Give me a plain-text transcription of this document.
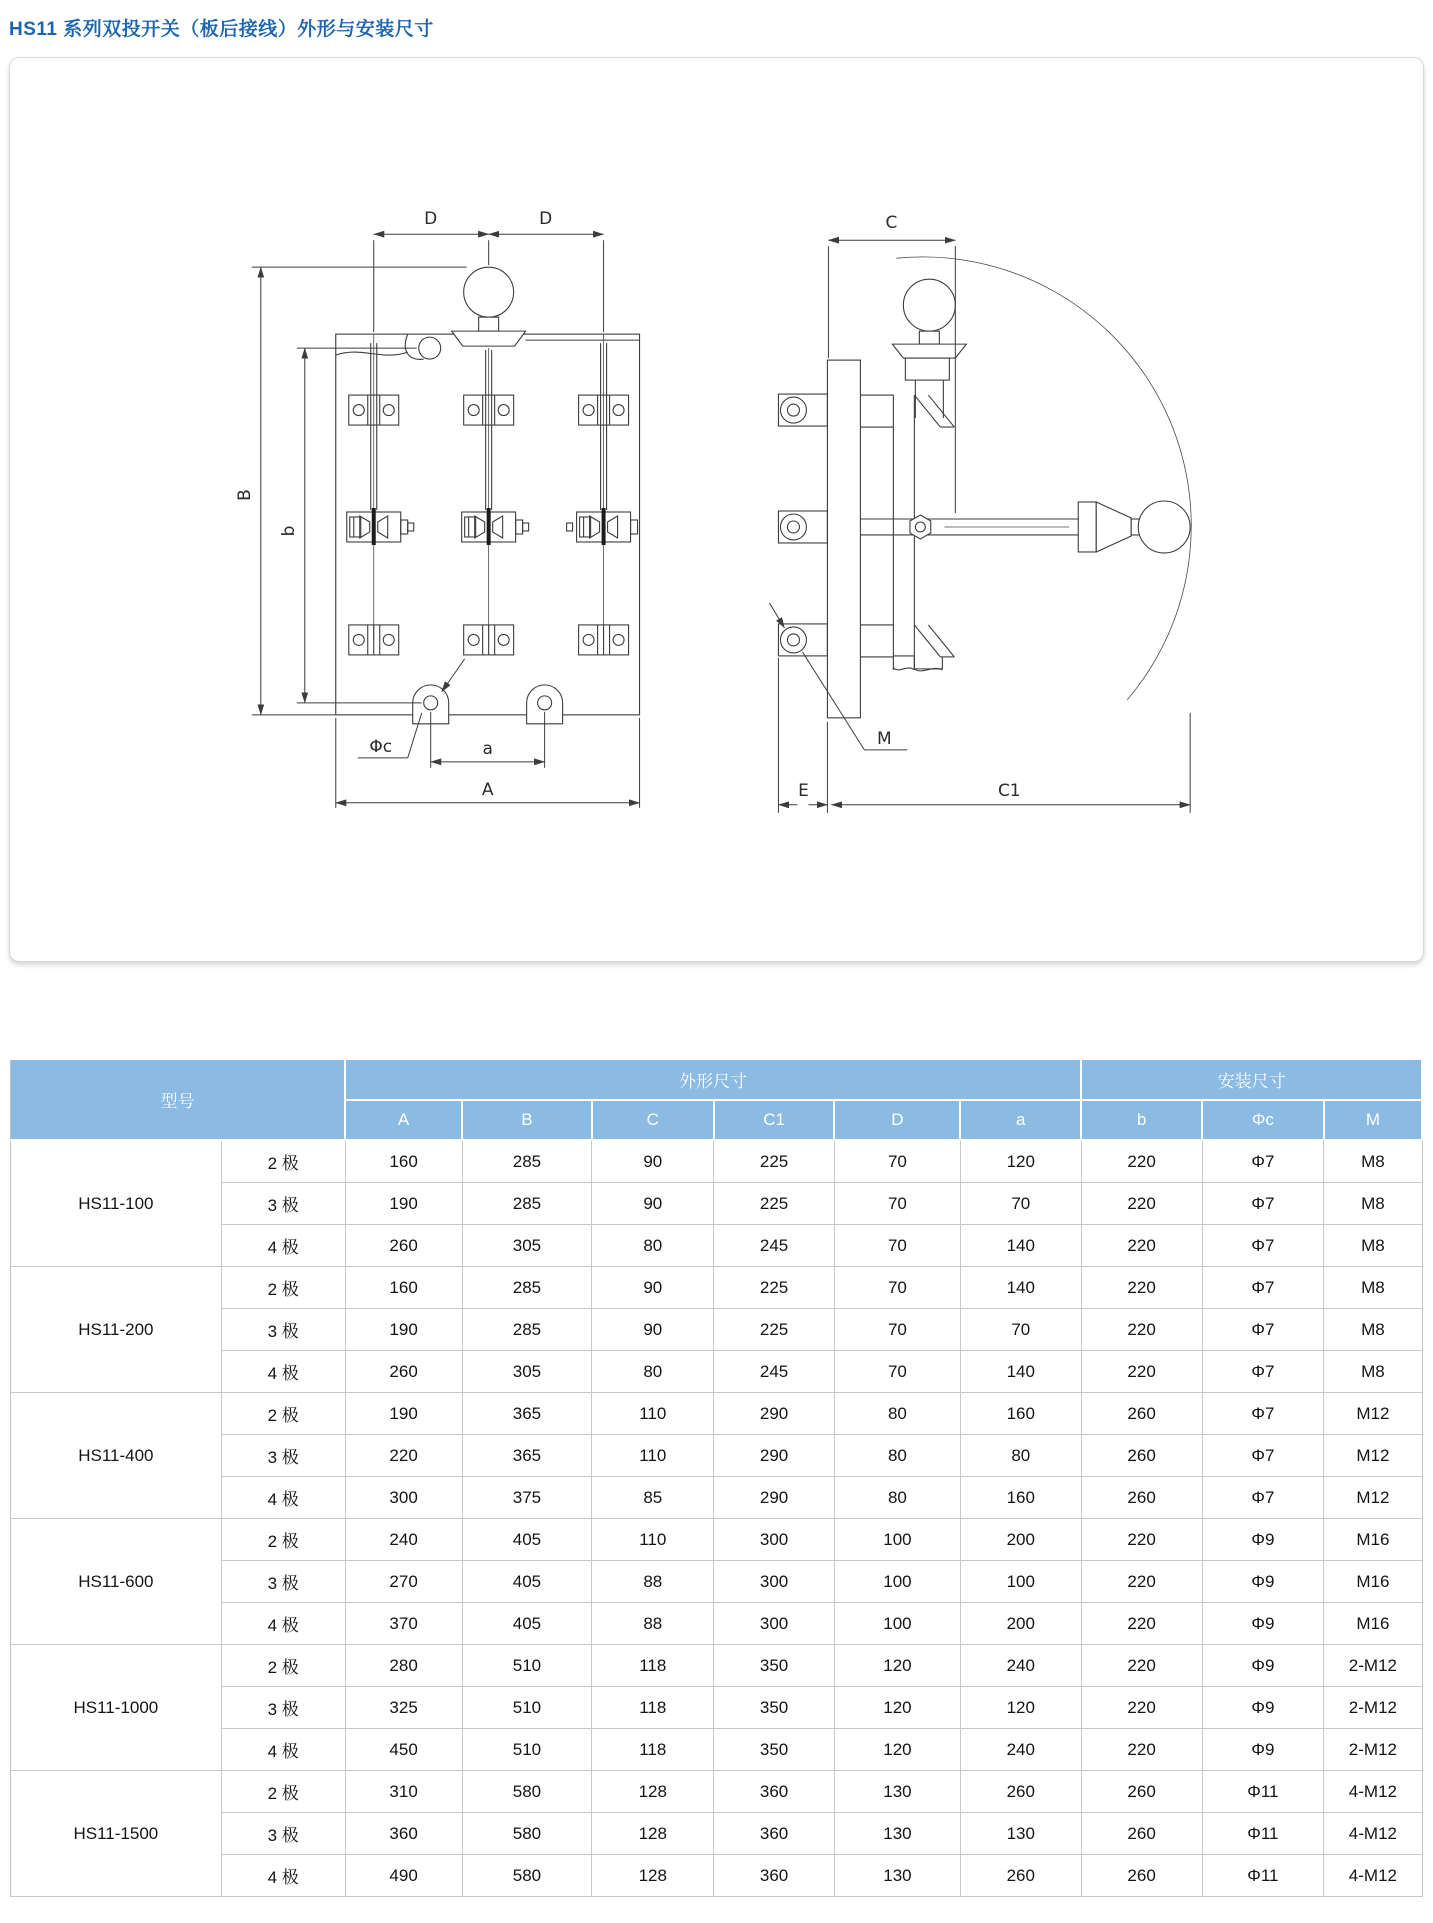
HS11 系列双投开关（板后接线）外形与安装尺寸
D	D
B
b
Φc	a
A
C
M
E	C1
型号		外形尺寸						安装尺寸		
		A	B	C	C1	D	a	b	Φc	M
HS11-100	2 极	160	285	90	225	70	120	220	Φ7	M8
	3 极	190	285	90	225	70	70	220	Φ7	M8
	4 极	260	305	80	245	70	140	220	Φ7	M8
HS11-200	2 极	160	285	90	225	70	140	220	Φ7	M8
	3 极	190	285	90	225	70	70	220	Φ7	M8
	4 极	260	305	80	245	70	140	220	Φ7	M8
HS11-400	2 极	190	365	110	290	80	160	260	Φ7	M12
	3 极	220	365	110	290	80	80	260	Φ7	M12
	4 极	300	375	85	290	80	160	260	Φ7	M12
HS11-600	2 极	240	405	110	300	100	200	220	Φ9	M16
	3 极	270	405	88	300	100	100	220	Φ9	M16
	4 极	370	405	88	300	100	200	220	Φ9	M16
HS11-1000	2 极	280	510	118	350	120	240	220	Φ9	2-M12
	3 极	325	510	118	350	120	120	220	Φ9	2-M12
	4 极	450	510	118	350	120	240	220	Φ9	2-M12
HS11-1500	2 极	310	580	128	360	130	260	260	Φ11	4-M12
	3 极	360	580	128	360	130	130	260	Φ11	4-M12
	4 极	490	580	128	360	130	260	260	Φ11	4-M12
